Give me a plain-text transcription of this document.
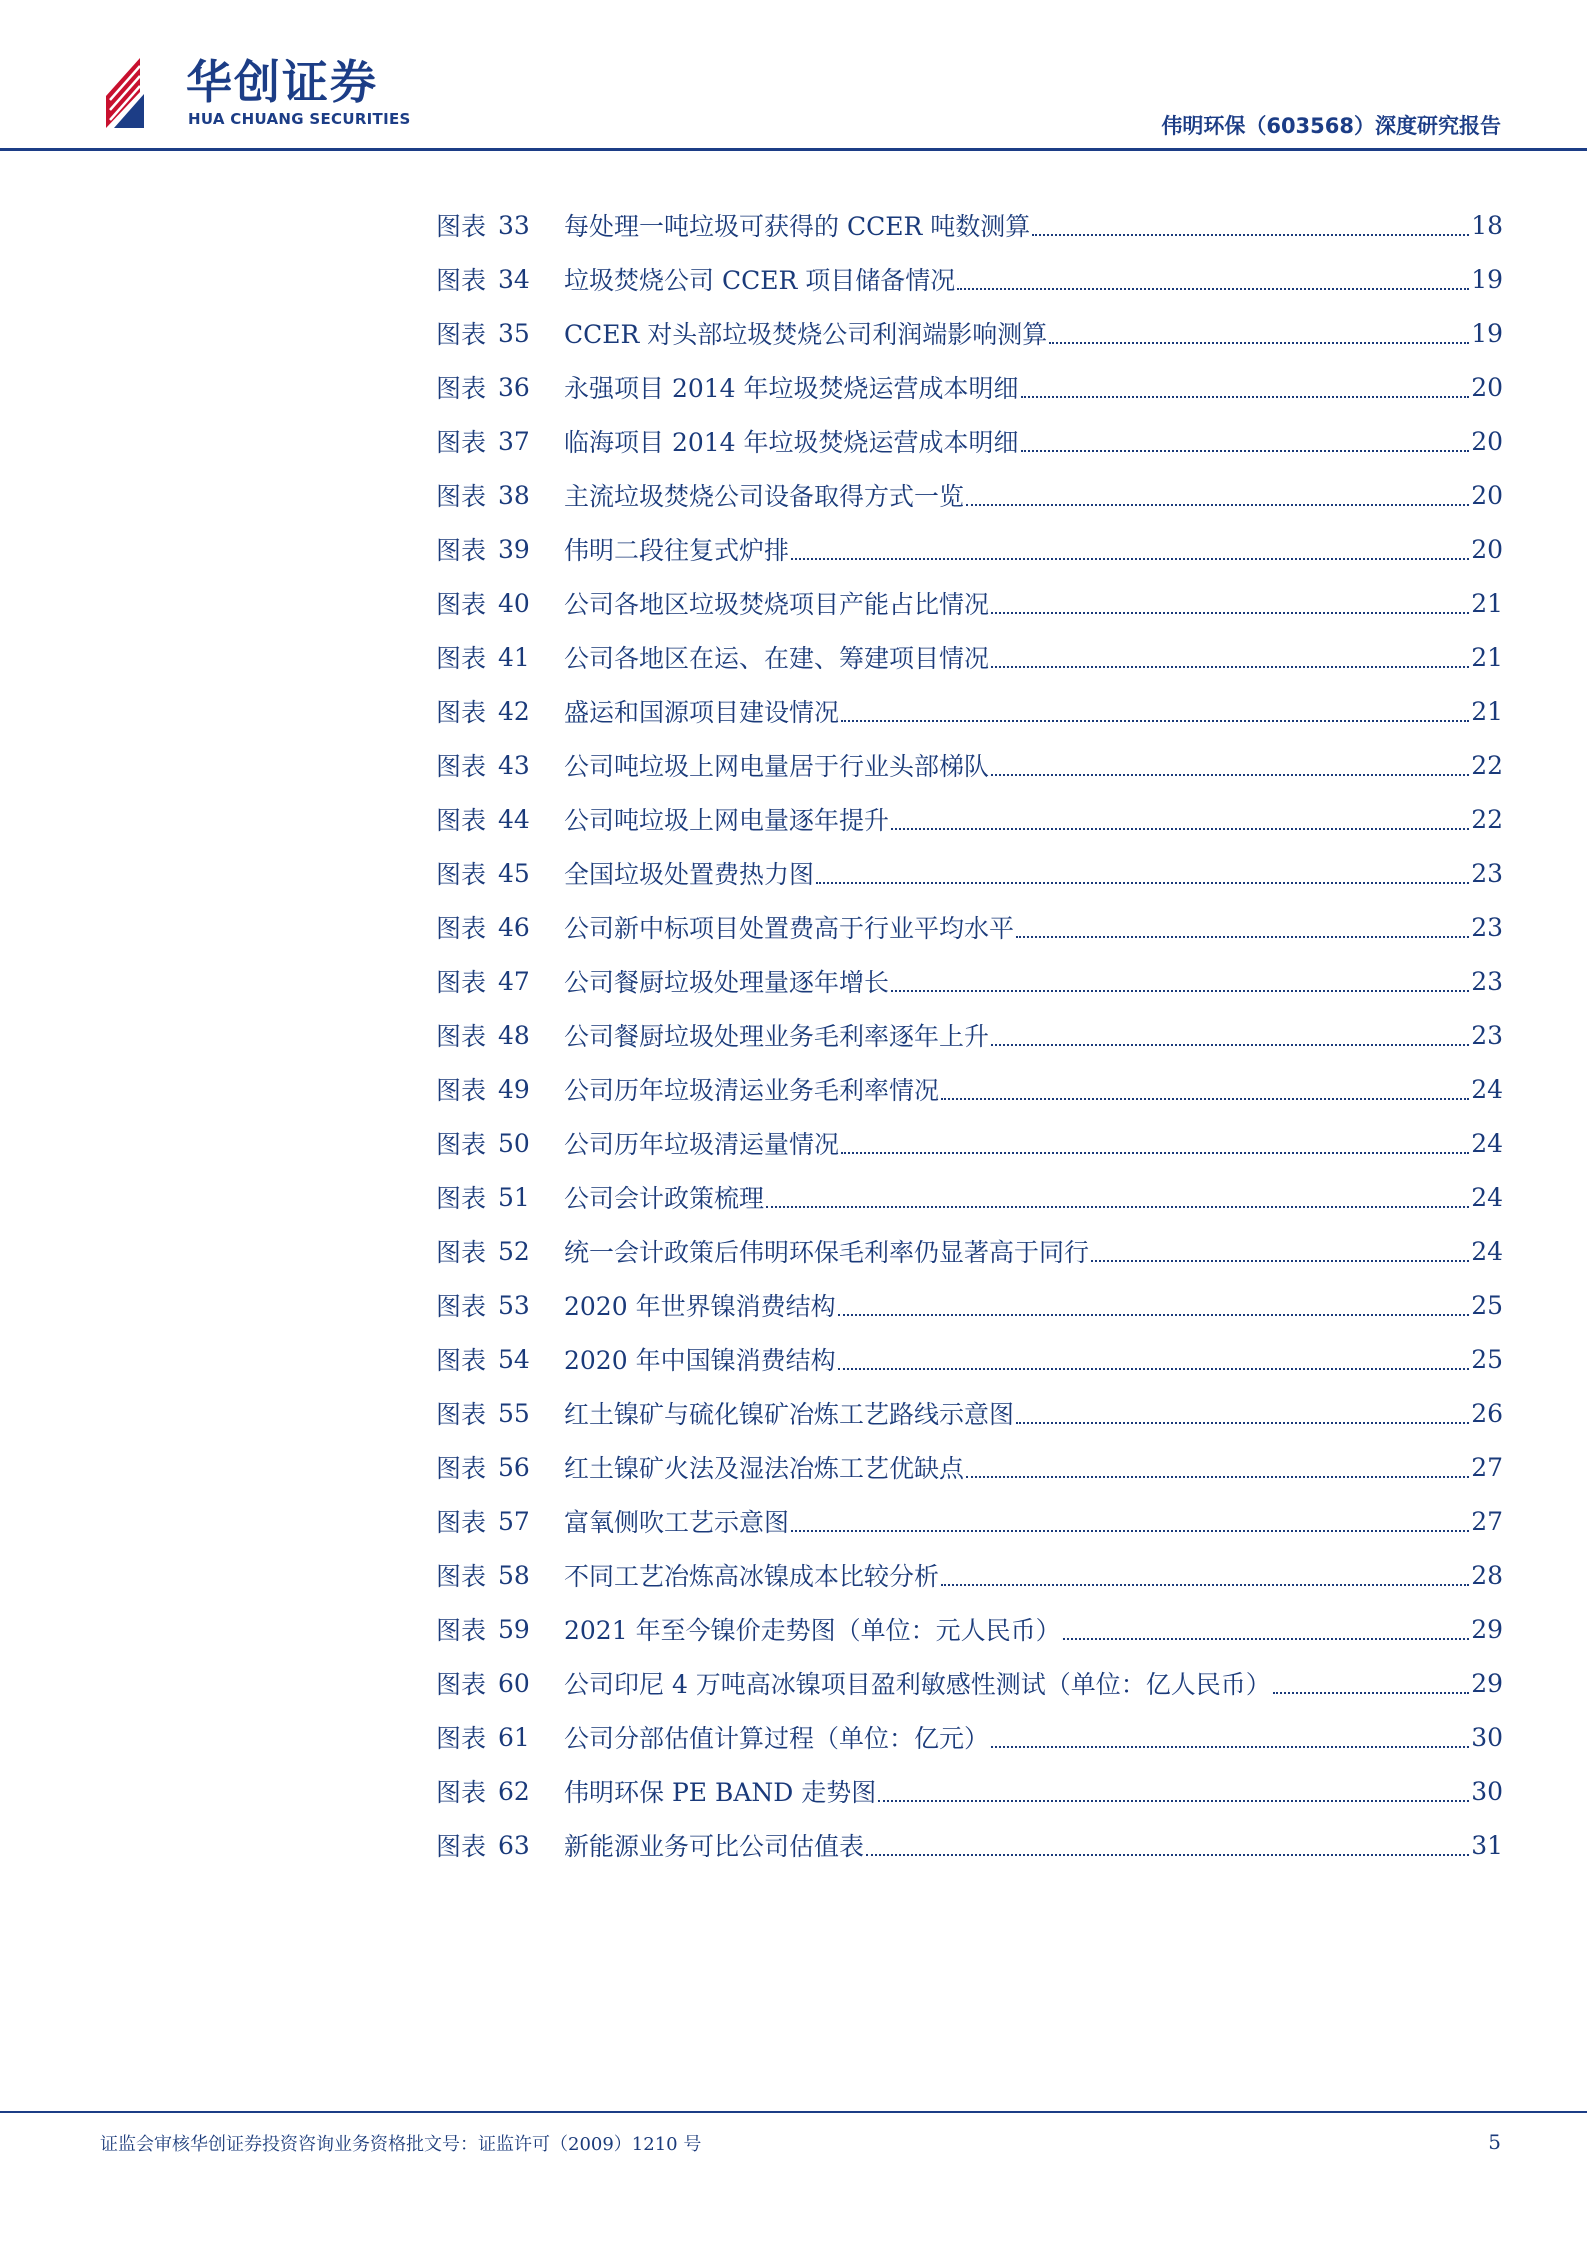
华创证券
HUA CHUANG SECURITIES	伟明环保（603568）深度研究报告
图表 33	每处理一吨垃圾可获得的 CCER 吨数测算	18
图表 34	垃圾焚烧公司 CCER 项目储备情况	19
图表 35	CCER 对头部垃圾焚烧公司利润端影响测算	19
图表 36	永强项目 2014 年垃圾焚烧运营成本明细	20
图表 37	临海项目 2014 年垃圾焚烧运营成本明细	20
图表 38	主流垃圾焚烧公司设备取得方式一览	20
图表 39	伟明二段往复式炉排	20
图表 40	公司各地区垃圾焚烧项目产能占比情况	21
图表 41	公司各地区在运、在建、筹建项目情况	21
图表 42	盛运和国源项目建设情况	21
图表 43	公司吨垃圾上网电量居于行业头部梯队	22
图表 44	公司吨垃圾上网电量逐年提升	22
图表 45	全国垃圾处置费热力图	23
图表 46	公司新中标项目处置费高于行业平均水平	23
图表 47	公司餐厨垃圾处理量逐年增长	23
图表 48	公司餐厨垃圾处理业务毛利率逐年上升	23
图表 49	公司历年垃圾清运业务毛利率情况	24
图表 50	公司历年垃圾清运量情况	24
图表 51	公司会计政策梳理	24
图表 52	统一会计政策后伟明环保毛利率仍显著高于同行	24
图表 53	2020 年世界镍消费结构	25
图表 54	2020 年中国镍消费结构	25
图表 55	红土镍矿与硫化镍矿冶炼工艺路线示意图	26
图表 56	红土镍矿火法及湿法冶炼工艺优缺点	27
图表 57	富氧侧吹工艺示意图	27
图表 58	不同工艺冶炼高冰镍成本比较分析	28
图表 59	2021 年至今镍价走势图（单位：元人民币）	29
图表 60	公司印尼 4 万吨高冰镍项目盈利敏感性测试（单位：亿人民币）	29
图表 61	公司分部估值计算过程（单位：亿元）	30
图表 62	伟明环保 PE BAND 走势图	30
图表 63	新能源业务可比公司估值表	31
证监会审核华创证券投资咨询业务资格批文号：证监许可（2009）1210 号	5
